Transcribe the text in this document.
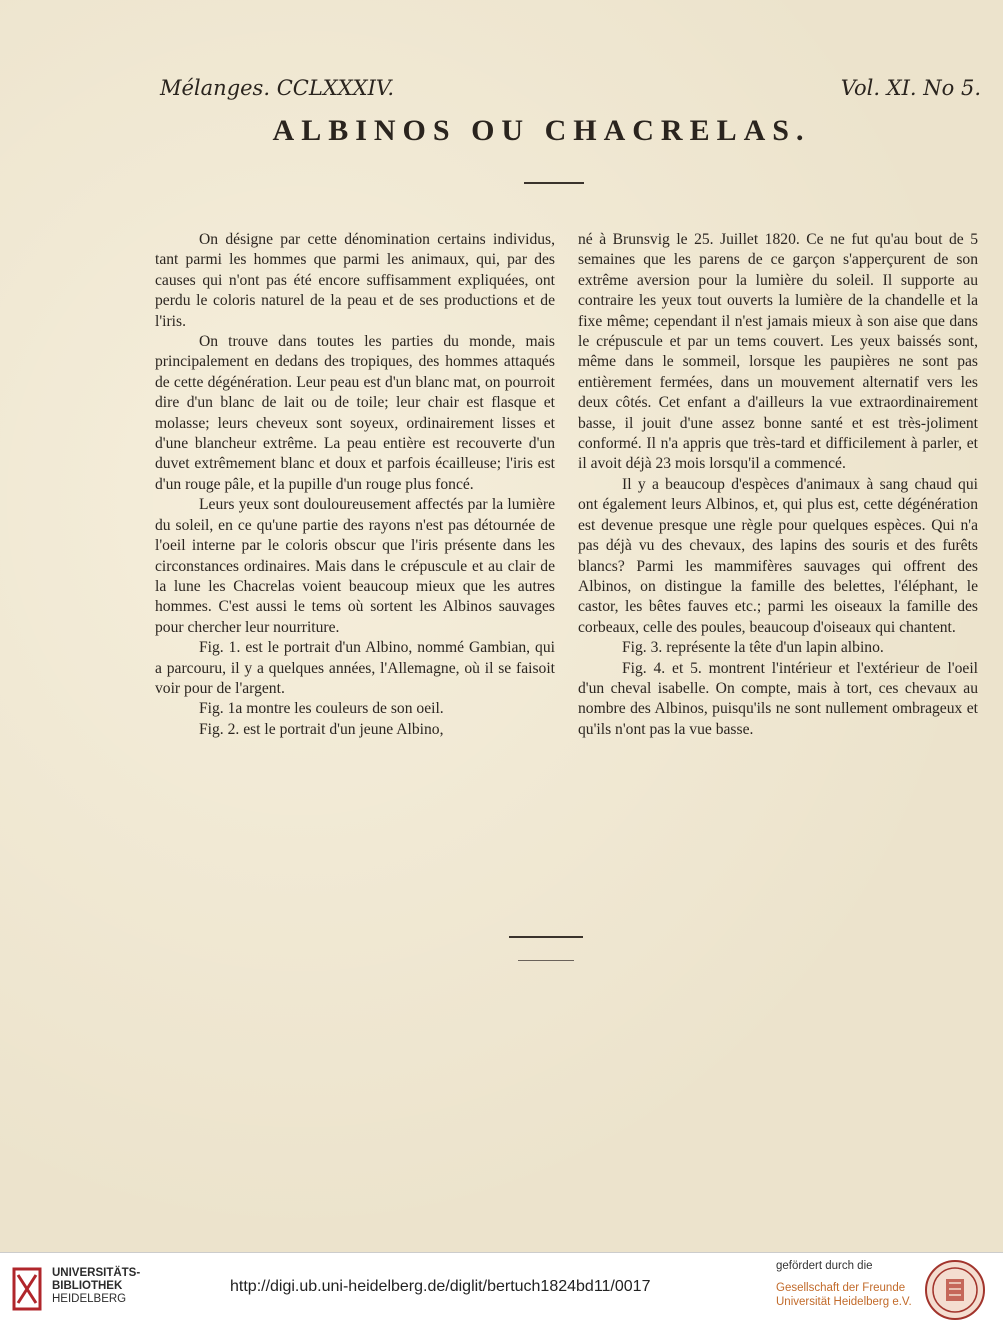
Mélanges. CCLXXXIV.	Vol. XI. No 5.
ALBINOS OU CHACRELAS.

On désigne par cette dénomination certains individus, tant parmi les hommes que parmi les animaux, qui, par des causes qui n'ont pas été encore suffisamment expliquées, ont perdu le coloris naturel de la peau et de ses productions et de l'iris.

On trouve dans toutes les parties du monde, mais principalement en dedans des tropiques, des hommes attaqués de cette dégénération. Leur peau est d'un blanc mat, on pourroit dire d'un blanc de lait ou de toile; leur chair est flasque et molasse; leurs cheveux sont soyeux, ordinairement lisses et d'une blancheur extrême. La peau entière est recouverte d'un duvet extrêmement blanc et doux et parfois écailleuse; l'iris est d'un rouge pâle, et la pupille d'un rouge plus foncé.

Leurs yeux sont douloureusement affectés par la lumière du soleil, en ce qu'une partie des rayons n'est pas détournée de l'oeil interne par le coloris obscur que l'iris présente dans les circonstances ordinaires. Mais dans le crépuscule et au clair de la lune les Chacrelas voient beaucoup mieux que les autres hommes. C'est aussi le tems où sortent les Albinos sauvages pour chercher leur nourriture.

Fig. 1. est le portrait d'un Albino, nommé Gambian, qui a parcouru, il y a quelques années, l'Allemagne, où il se faisoit voir pour de l'argent.

Fig. 1a montre les couleurs de son oeil.

Fig. 2. est le portrait d'un jeune Albino,

né à Brunsvig le 25. Juillet 1820. Ce ne fut qu'au bout de 5 semaines que les parens de ce garçon s'apperçurent de son extrême aversion pour la lumière du soleil. Il supporte au contraire les yeux tout ouverts la lumière de la chandelle et la fixe même; cependant il n'est jamais mieux à son aise que dans le crépuscule et par un tems couvert. Les yeux baissés sont, même dans le sommeil, lorsque les paupières ne sont pas entièrement fermées, dans un mouvement alternatif vers les deux côtés. Cet enfant a d'ailleurs la vue extraordinairement basse, il jouit d'une assez bonne santé et est très-joliment conformé. Il n'a appris que très-tard et difficilement à parler, et il avoit déjà 23 mois lorsqu'il a commencé.

Il y a beaucoup d'espèces d'animaux à sang chaud qui ont également leurs Albinos, et, qui plus est, cette dégénération est devenue presque une règle pour quelques espèces. Qui n'a pas déjà vu des chevaux, des lapins des souris et des furêts blancs? Parmi les mammifères sauvages qui offrent des Albinos, on distingue la famille des belettes, l'éléphant, le castor, les bêtes fauves etc.; parmi les oiseaux la famille des corbeaux, celle des poules, beaucoup d'oiseaux qui chantent.

Fig. 3. représente la tête d'un lapin albino.

Fig. 4. et 5. montrent l'intérieur et l'extérieur de l'oeil d'un cheval isabelle. On compte, mais à tort, ces chevaux au nombre des Albinos, puisqu'ils ne sont nullement ombrageux et qu'ils n'ont pas la vue basse.

UNIVERSITÄTS-
BIBLIOTHEK
HEIDELBERG
http://digi.ub.uni-heidelberg.de/diglit/bertuch1824bd11/0017
gefördert durch die
Gesellschaft der Freunde
Universität Heidelberg e.V.
